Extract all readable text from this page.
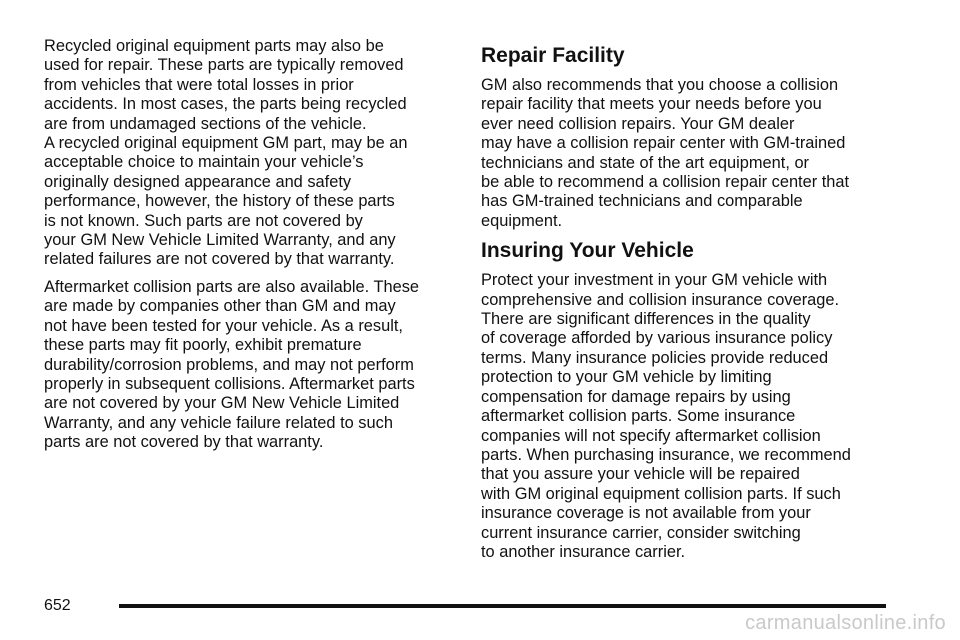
Recycled original equipment parts may also be
used for repair. These parts are typically removed
from vehicles that were total losses in prior
accidents. In most cases, the parts being recycled
are from undamaged sections of the vehicle.
A recycled original equipment GM part, may be an
acceptable choice to maintain your vehicle’s
originally designed appearance and safety
performance, however, the history of these parts
is not known. Such parts are not covered by
your GM New Vehicle Limited Warranty, and any
related failures are not covered by that warranty.
Aftermarket collision parts are also available. These
are made by companies other than GM and may
not have been tested for your vehicle. As a result,
these parts may fit poorly, exhibit premature
durability/corrosion problems, and may not perform
properly in subsequent collisions. Aftermarket parts
are not covered by your GM New Vehicle Limited
Warranty, and any vehicle failure related to such
parts are not covered by that warranty.
Repair Facility
GM also recommends that you choose a collision
repair facility that meets your needs before you
ever need collision repairs. Your GM dealer
may have a collision repair center with GM-trained
technicians and state of the art equipment, or
be able to recommend a collision repair center that
has GM-trained technicians and comparable
equipment.
Insuring Your Vehicle
Protect your investment in your GM vehicle with
comprehensive and collision insurance coverage.
There are significant differences in the quality
of coverage afforded by various insurance policy
terms. Many insurance policies provide reduced
protection to your GM vehicle by limiting
compensation for damage repairs by using
aftermarket collision parts. Some insurance
companies will not specify aftermarket collision
parts. When purchasing insurance, we recommend
that you assure your vehicle will be repaired
with GM original equipment collision parts. If such
insurance coverage is not available from your
current insurance carrier, consider switching
to another insurance carrier.
652
carmanualsonline.info
